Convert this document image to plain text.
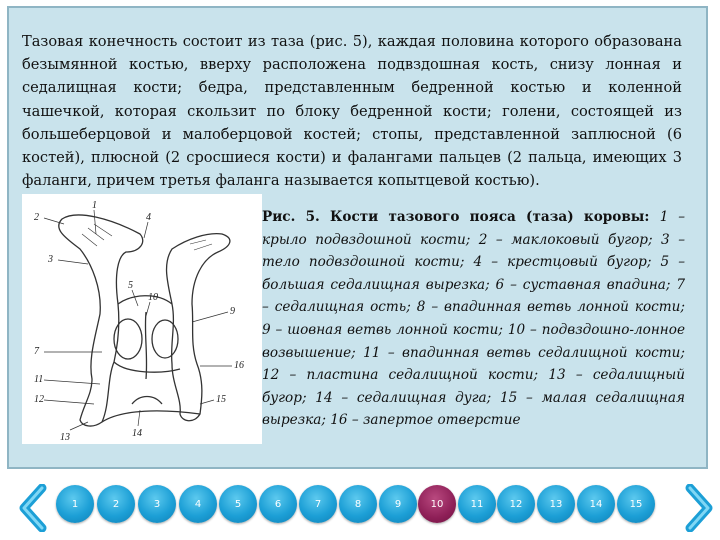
Тазовая конечность состоит из таза (рис. 5), каждая половина которого образована безымянной костью, вверху расположена подвздошная кость, снизу лонная и седалищная кости; бедра, представленным бедренной костью и коленной чашечкой, которая скользит по блоку бедренной кости; голени, состоящей из большеберцовой и малоберцовой костей; стопы, представленной заплюсной (6 костей), плюсной (2 сросшиеся кости) и фалангами пальцев (2 пальца, имеющих 3 фаланги, причем третья фаланга называется копытцевой костью).

1
2
3
4
5
10
9
7
16
11
12	15
14
13

Рис. 5. Кости тазового пояса (таза) коровы: 1 – крыло подвздошной кости; 2 – маклоковый бугор; 3 – тело подвздошной кости; 4 – крестцовый бугор; 5 – большая седалищная вырезка; 6 – суставная впадина; 7 – седалищная ость; 8 – впадинная ветвь лонной кости; 9 – шовная ветвь лонной кости; 10 – подвздошно-лонное возвышение; 11 – впадинная ветвь седалищной кости; 12 – пластина седалищной кости; 13 – седалищный бугор; 14 – седалищная дуга; 15 – малая седалищная вырезка; 16 – запертое отверстие

1	2	3	4	5	6	7	8	9	10	11	12	13	14	15
